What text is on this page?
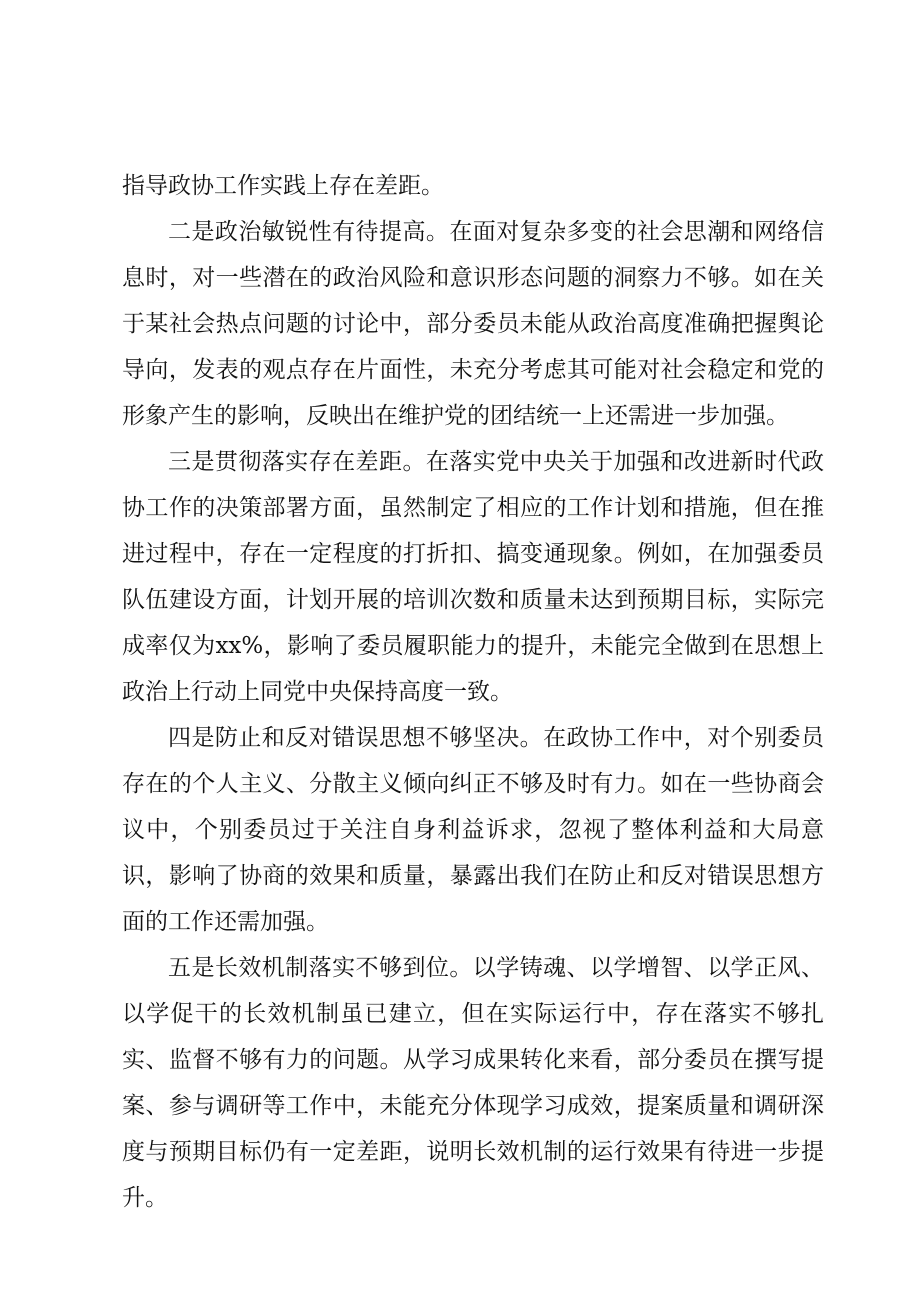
指导政协工作实践上存在差距。

二是政治敏锐性有待提高。在面对复杂多变的社会思潮和网络信息时，对一些潜在的政治风险和意识形态问题的洞察力不够。如在关于某社会热点问题的讨论中，部分委员未能从政治高度准确把握舆论导向，发表的观点存在片面性，未充分考虑其可能对社会稳定和党的形象产生的影响，反映出在维护党的团结统一上还需进一步加强。

三是贯彻落实存在差距。在落实党中央关于加强和改进新时代政协工作的决策部署方面，虽然制定了相应的工作计划和措施，但在推进过程中，存在一定程度的打折扣、搞变通现象。例如，在加强委员队伍建设方面，计划开展的培训次数和质量未达到预期目标，实际完成率仅为xx%，影响了委员履职能力的提升，未能完全做到在思想上政治上行动上同党中央保持高度一致。

四是防止和反对错误思想不够坚决。在政协工作中，对个别委员存在的个人主义、分散主义倾向纠正不够及时有力。如在一些协商会议中，个别委员过于关注自身利益诉求，忽视了整体利益和大局意识，影响了协商的效果和质量，暴露出我们在防止和反对错误思想方面的工作还需加强。

五是长效机制落实不够到位。以学铸魂、以学增智、以学正风、以学促干的长效机制虽已建立，但在实际运行中，存在落实不够扎实、监督不够有力的问题。从学习成果转化来看，部分委员在撰写提案、参与调研等工作中，未能充分体现学习成效，提案质量和调研深度与预期目标仍有一定差距，说明长效机制的运行效果有待进一步提升。
